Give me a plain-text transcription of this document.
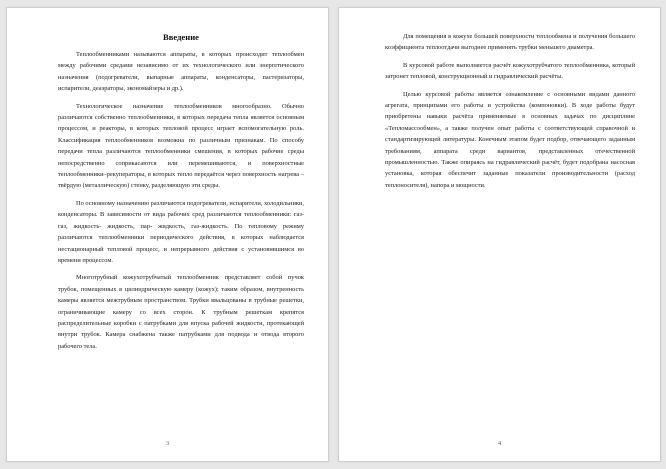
Введение

Теплообменниками называются аппараты, в которых происходит теплообмен между рабочими средами независимо от их технологического или энергетического назначения (подогреватели, выпарные аппараты, конденсаторы, пастеризаторы, испарители, деаэраторы, экономайзеры и др.).

Технологическое назначение теплообменников многообразно. Обычно различаются собственно теплообменники, в которых передача тепла является основным процессом, и реакторы, в которых тепловой процесс играет вспомогательную роль. Классификация теплообменников возможна по различным признакам. По способу передачи тепла различаются теплообменники смешения, в которых рабочие среды непосредственно соприкасаются или перемешиваются, и поверхностные теплообменники–рекуператоры, в которых тепло передаётся через поверхность нагрева – твёрдую (металлическую) стенку, разделяющую эти среды.

По основному назначению различаются подогреватели, испарители, холодильники, конденсаторы. В зависимости от вида рабочих сред различаются теплообменники: газ-газ, жидкость- жидкость, пар- жидкость, газ-жидкость. По тепловому режиму различаются теплообменники периодического действия, в которых наблюдается нестационарный тепловой процесс, и непрерывного действия с установившимся во времени процессом.

Многотрубный кожухотрубчатый теплообменник представляет собой пучок трубок, помещенных в цилиндрическую камеру (кожух); таким образом, внутренность камеры является межтрубным пространством. Трубки ввальцованы в трубные решетки, ограничивающие камеру со всех сторон. К трубным решеткам крепятся распределительные коробки с патрубками для впуска рабочей жидкости, протекающей внутри трубок. Камера снабжена также патрубками для подвода и отвода второго рабочего тела.

3

Для помещения в кожухе большей поверхности теплообмена и получения большего коэффициента теплоотдачи выгоднее применять трубки меньшего диаметра.

В курсовой работе выполняется расчёт кожухотрубчатого теплообменника, который затронет тепловой, конструкционный и гидравлический расчёты.

Целью курсовой работы является ознакомление с основными видами данного агрегата, принципами его работы и устройства (компоновки). В ходе работы будут приобретены навыки расчёта применяемые в основных задачах по дисциплине «Тепломассообмен», а также получен опыт работы с соответствующей справочной и стандартизирующей литературы. Конечным этапом будет подбор, отвечающего заданным требованиям, аппарата среди вариантов, представленных отечественной промышленностью. Также опираясь на гидравлический расчёт, будет подобрана насосная установка, которая обеспечит заданные показатели производительности (расход теплоносителя), напора и мощности.

4
